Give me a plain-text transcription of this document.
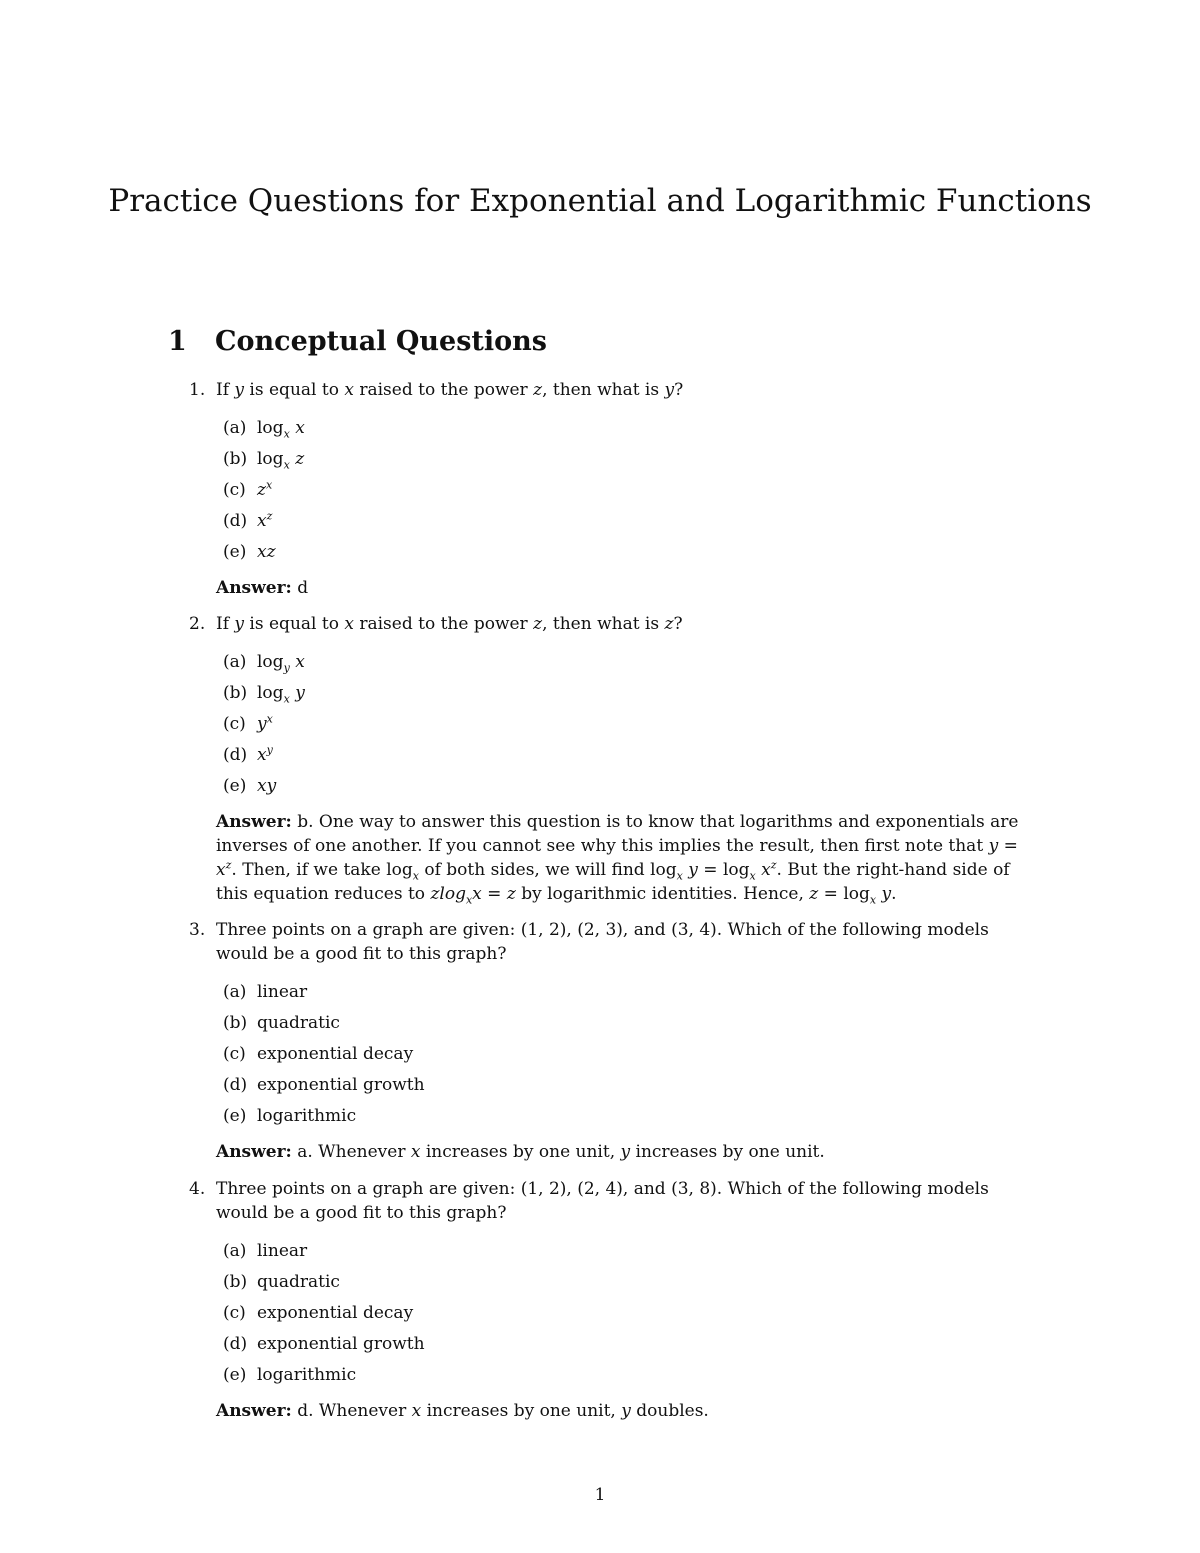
Practice Questions for Exponential and Logarithmic Functions
1 Conceptual Questions
1. If y is equal to x raised to the power z, then what is y?
(a) $\log_x x$
(b) $\log_x z$
(c) $z^x$
(d) $x^z$
(e) xz
Answer: d
2. If y is equal to x raised to the power z, then what is z?
(a) $\log_y x$
(b) $\log_x y$
(c) $y^x$
(d) $x^y$
(e) xy
Answer: b. One way to answer this question is to know that logarithms and exponentials are inverses of one another. If you cannot see why this implies the result, then first note that $y = x^z$. Then, if we take $\log_x$ of both sides, we will find $\log_x y = \log_x x^z$. But the right-hand side of this equation reduces to zlog$_x$x = z by logarithmic identities. Hence, $z = \log_x y$.
3. Three points on a graph are given: (1, 2), (2, 3), and (3, 4). Which of the following models would be a good fit to this graph?
(a) linear
(b) quadratic
(c) exponential decay
(d) exponential growth
(e) logarithmic
Answer: a. Whenever x increases by one unit, y increases by one unit.
4. Three points on a graph are given: (1, 2), (2, 4), and (3, 8). Which of the following models would be a good fit to this graph?
(a) linear
(b) quadratic
(c) exponential decay
(d) exponential growth
(e) logarithmic
Answer: d. Whenever x increases by one unit, y doubles.
1
